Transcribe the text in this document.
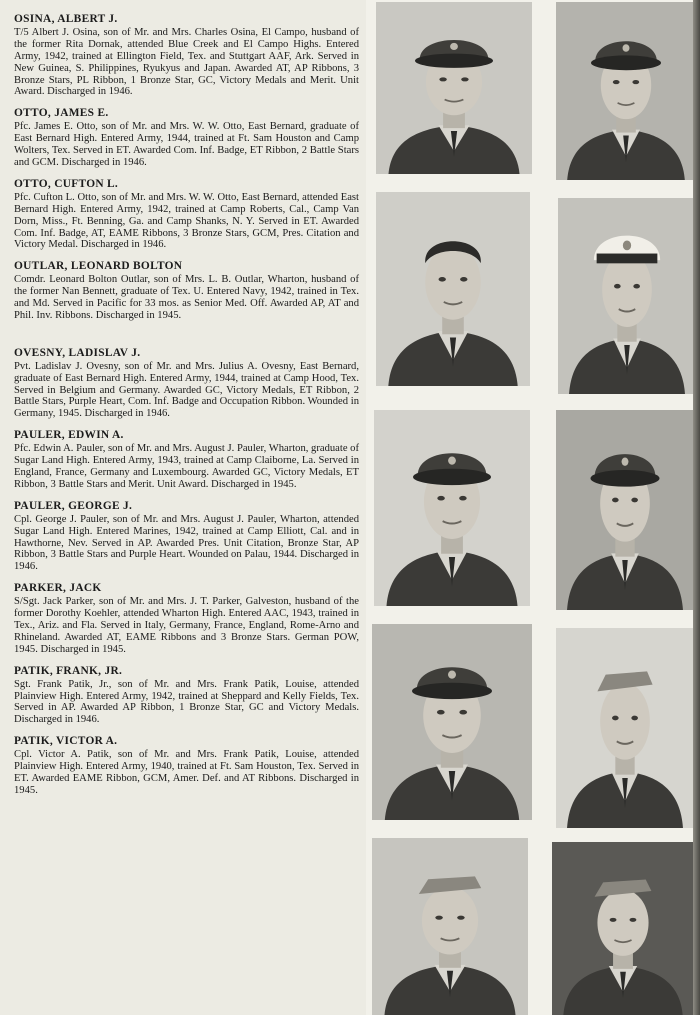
OSINA, ALBERT J.
T/5 Albert J. Osina, son of Mr. and Mrs. Charles Osina, El Campo, husband of the former Rita Dornak, attended Blue Creek and El Campo Highs. Entered Army, 1942, trained at Ellington Field, Tex. and Stuttgart AAF, Ark. Served in New Guinea, S. Philippines, Ryukyus and Japan. Awarded AT, AP Ribbons, 3 Bronze Stars, PL Ribbon, 1 Bronze Star, GC, Victory Medals and Merit. Unit Award. Discharged in 1946.
OTTO, JAMES E.
Pfc. James E. Otto, son of Mr. and Mrs. W. W. Otto, East Bernard, graduate of East Bernard High. Entered Army, 1944, trained at Ft. Sam Houston and Camp Wolters, Tex. Served in ET. Awarded Com. Inf. Badge, ET Ribbon, 2 Battle Stars and GCM. Discharged in 1946.
OTTO, CUFTON L.
Pfc. Cufton L. Otto, son of Mr. and Mrs. W. W. Otto, East Bernard, attended East Bernard High. Entered Army, 1942, trained at Camp Roberts, Cal., Camp Van Dorn, Miss., Ft. Benning, Ga. and Camp Shanks, N. Y. Served in ET. Awarded Com. Inf. Badge, AT, EAME Ribbons, 3 Bronze Stars, GCM, Pres. Citation and Victory Medal. Discharged in 1946.
OUTLAR, LEONARD BOLTON
Comdr. Leonard Bolton Outlar, son of Mrs. L. B. Outlar, Wharton, husband of the former Nan Bennett, graduate of Tex. U. Entered Navy, 1942, trained in Tex. and Md. Served in Pacific for 33 mos. as Senior Med. Off. Awarded AP, AT and Phil. Inv. Ribbons. Discharged in 1945.
OVESNY, LADISLAV J.
Pvt. Ladislav J. Ovesny, son of Mr. and Mrs. Julius A. Ovesny, East Bernard, graduate of East Bernard High. Entered Army, 1944, trained at Camp Hood, Tex. Served in Belgium and Germany. Awarded GC, Victory Medals, ET Ribbon, 2 Battle Stars, Purple Heart, Com. Inf. Badge and Occupation Ribbon. Wounded in Germany, 1945. Discharged in 1946.
PAULER, EDWIN A.
Pfc. Edwin A. Pauler, son of Mr. and Mrs. August J. Pauler, Wharton, graduate of Sugar Land High. Entered Army, 1943, trained at Camp Claiborne, La. Served in England, France, Germany and Luxembourg. Awarded GC, Victory Medals, ET Ribbon, 3 Battle Stars and Merit. Unit Award. Discharged in 1945.
PAULER, GEORGE J.
Cpl. George J. Pauler, son of Mr. and Mrs. August J. Pauler, Wharton, attended Sugar Land High. Entered Marines, 1942, trained at Camp Elliott, Cal. and in Hawthorne, Nev. Served in AP. Awarded Pres. Unit Citation, Bronze Star, AP Ribbon, 3 Battle Stars and Purple Heart. Wounded on Palau, 1944. Discharged in 1946.
PARKER, JACK
S/Sgt. Jack Parker, son of Mr. and Mrs. J. T. Parker, Galveston, husband of the former Dorothy Koehler, attended Wharton High. Entered AAC, 1943, trained in Tex., Ariz. and Fla. Served in Italy, Germany, France, England, Rome-Arno and Rhineland. Awarded AT, EAME Ribbons and 3 Bronze Stars. German POW, 1945. Discharged in 1945.
PATIK, FRANK, JR.
Sgt. Frank Patik, Jr., son of Mr. and Mrs. Frank Patik, Louise, attended Plainview High. Entered Army, 1942, trained at Sheppard and Kelly Fields, Tex. Served in AP. Awarded AP Ribbon, 1 Bronze Star, GC and Victory Medals. Discharged in 1946.
PATIK, VICTOR A.
Cpl. Victor A. Patik, son of Mr. and Mrs. Frank Patik, Louise, attended Plainview High. Entered Army, 1940, trained at Ft. Sam Houston, Tex. Served in ET. Awarded EAME Ribbon, GCM, Amer. Def. and AT Ribbons. Discharged in 1945.
